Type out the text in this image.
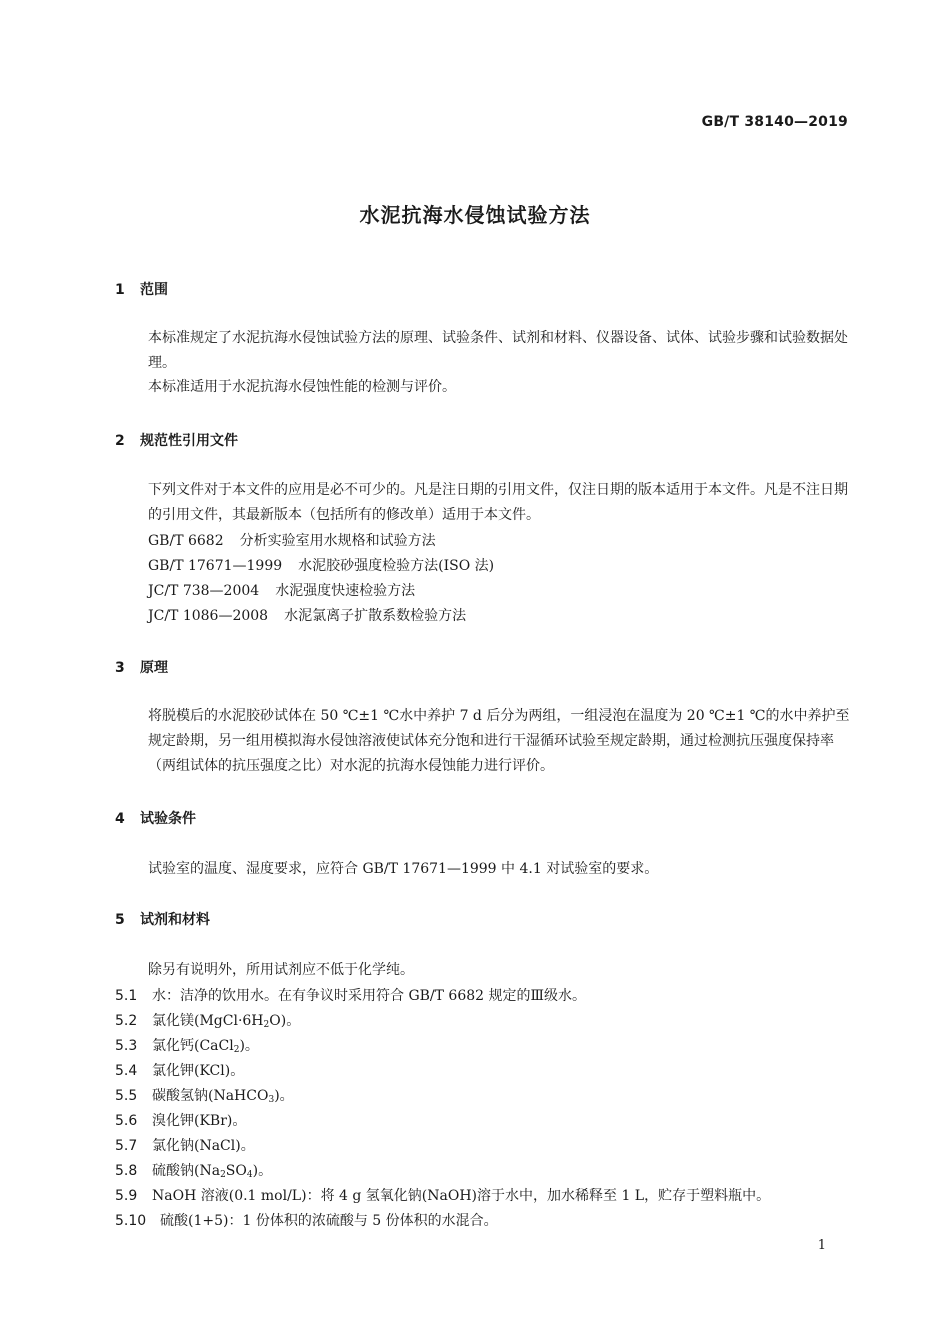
GB/T 38140—2019
水泥抗海水侵蚀试验方法
1 范围
本标准规定了水泥抗海水侵蚀试验方法的原理、试验条件、试剂和材料、仪器设备、试体、试验步骤和试验数据处理。
本标准适用于水泥抗海水侵蚀性能的检测与评价。
2 规范性引用文件
下列文件对于本文件的应用是必不可少的。凡是注日期的引用文件，仅注日期的版本适用于本文件。凡是不注日期的引用文件，其最新版本（包括所有的修改单）适用于本文件。
GB/T 6682 分析实验室用水规格和试验方法
GB/T 17671—1999 水泥胶砂强度检验方法(ISO 法)
JC/T 738—2004 水泥强度快速检验方法
JC/T 1086—2008 水泥氯离子扩散系数检验方法
3 原理
将脱模后的水泥胶砂试体在 50 ℃±1 ℃水中养护 7 d 后分为两组，一组浸泡在温度为 20 ℃±1 ℃的水中养护至规定龄期，另一组用模拟海水侵蚀溶液使试体充分饱和进行干湿循环试验至规定龄期，通过检测抗压强度保持率（两组试体的抗压强度之比）对水泥的抗海水侵蚀能力进行评价。
4 试验条件
试验室的温度、湿度要求，应符合 GB/T 17671—1999 中 4.1 对试验室的要求。
5 试剂和材料
除另有说明外，所用试剂应不低于化学纯。
5.1 水：洁净的饮用水。在有争议时采用符合 GB/T 6682 规定的Ⅲ级水。
5.2 氯化镁$(MgCl\cdot 6H_2O)$。
5.3 氯化钙(CaCl$_2$)。
5.4 氯化钾(KCl)。
5.5 碳酸氢钠(NaHCO$_3$)。
5.6 溴化钾(KBr)。
5.7 氯化钠(NaCl)。
5.8 硫酸钠$(Na_2SO_4)$。
5.9 NaOH 溶液(0.1 mol/L)：将 4 g 氢氧化钠(NaOH)溶于水中，加水稀释至 1 L，贮存于塑料瓶中。
5.10 硫酸(1+5)：1 份体积的浓硫酸与 5 份体积的水混合。
1
